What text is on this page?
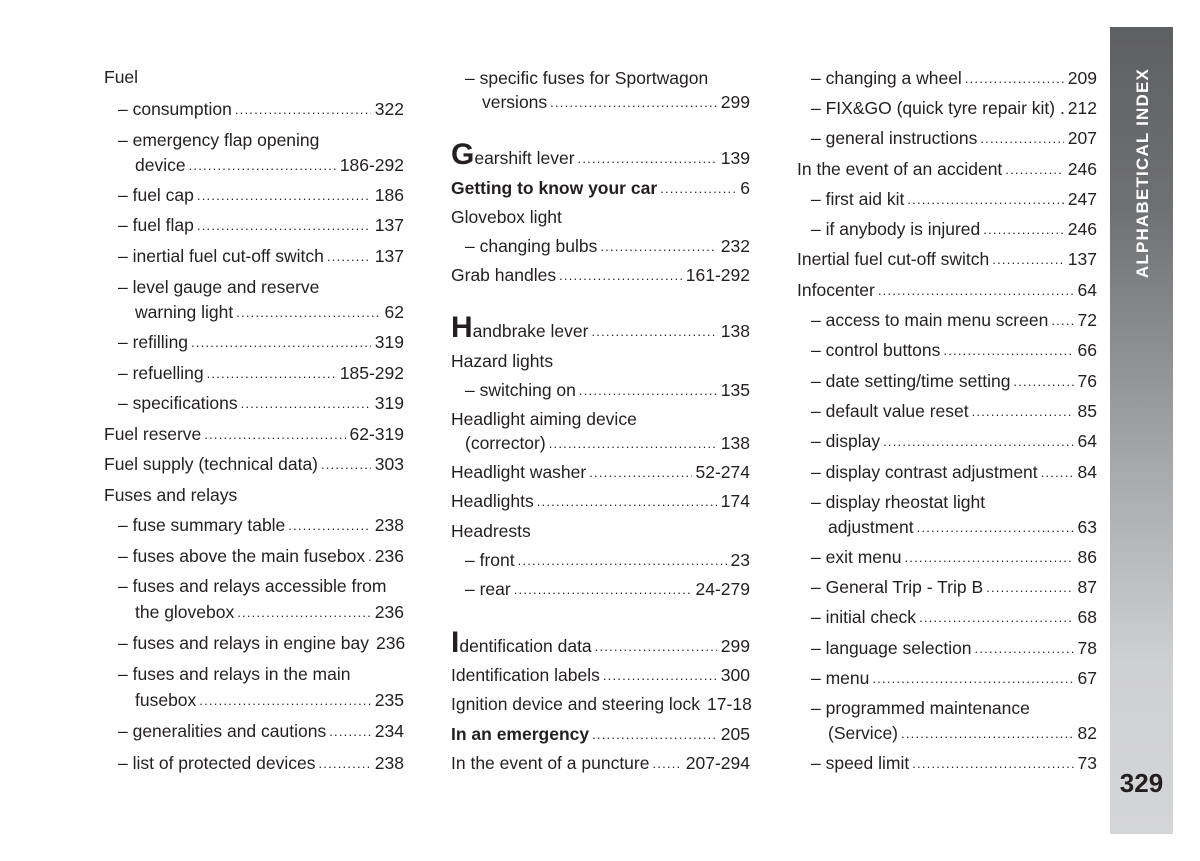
Fuel
– consumption .....	322
– emergency flap opening
device .....	186-292
– fuel cap .....	186
– fuel flap .....	137
– inertial fuel cut-off switch .....	137
– level gauge and reserve
warning light .....	62
– refilling .....	319
– refuelling .....	185-292
– specifications .....	319
Fuel reserve .....	62-319
Fuel supply (technical data) .....	303
Fuses and relays
– fuse summary table .....	238
– fuses above the main fusebox ..... 236
– fuses and relays accessible from
the glovebox .....	236
– fuses and relays in engine bay 236
– fuses and relays in the main
fusebox .....	235
– generalities and cautions .....	234
– list of protected devices .....	238
– specific fuses for Sportwagon
versions .....	299
Gearshift lever .....	139
Getting to know your car .....	6
Glovebox light
– changing bulbs .....	232
Grab handles .....	161-292
Handbrake lever .....	138
Hazard lights
– switching on .....	135
Headlight aiming device
(corrector) .....	138
Headlight washer .....	52-274
Headlights .....	174
Headrests
– front .....	23
– rear .....	24-279
Identification data .....	299
Identification labels .....	300
Ignition device and steering lock 17-18
In an emergency .....	205
In the event of a puncture ..... 207-294
– changing a wheel .....	209
– FIX&GO (quick tyre repair kit) . 212
– general instructions .....	207
In the event of an accident .....	246
– first aid kit .....	247
– if anybody is injured .....	246
Inertial fuel cut-off switch .....	137
Infocenter .....	64
– access to main menu screen ..... 72
– control buttons .....	66
– date setting/time setting .....	76
– default value reset .....	85
– display .....	64
– display contrast adjustment ..... 84
– display rheostat light
adjustment .....	63
– exit menu .....	86
– General Trip - Trip B .....	87
– initial check .....	68
– language selection .....	78
– menu .....	67
– programmed maintenance
(Service) .....	82
– speed limit .....	73
ALPHABETICAL INDEX
329
